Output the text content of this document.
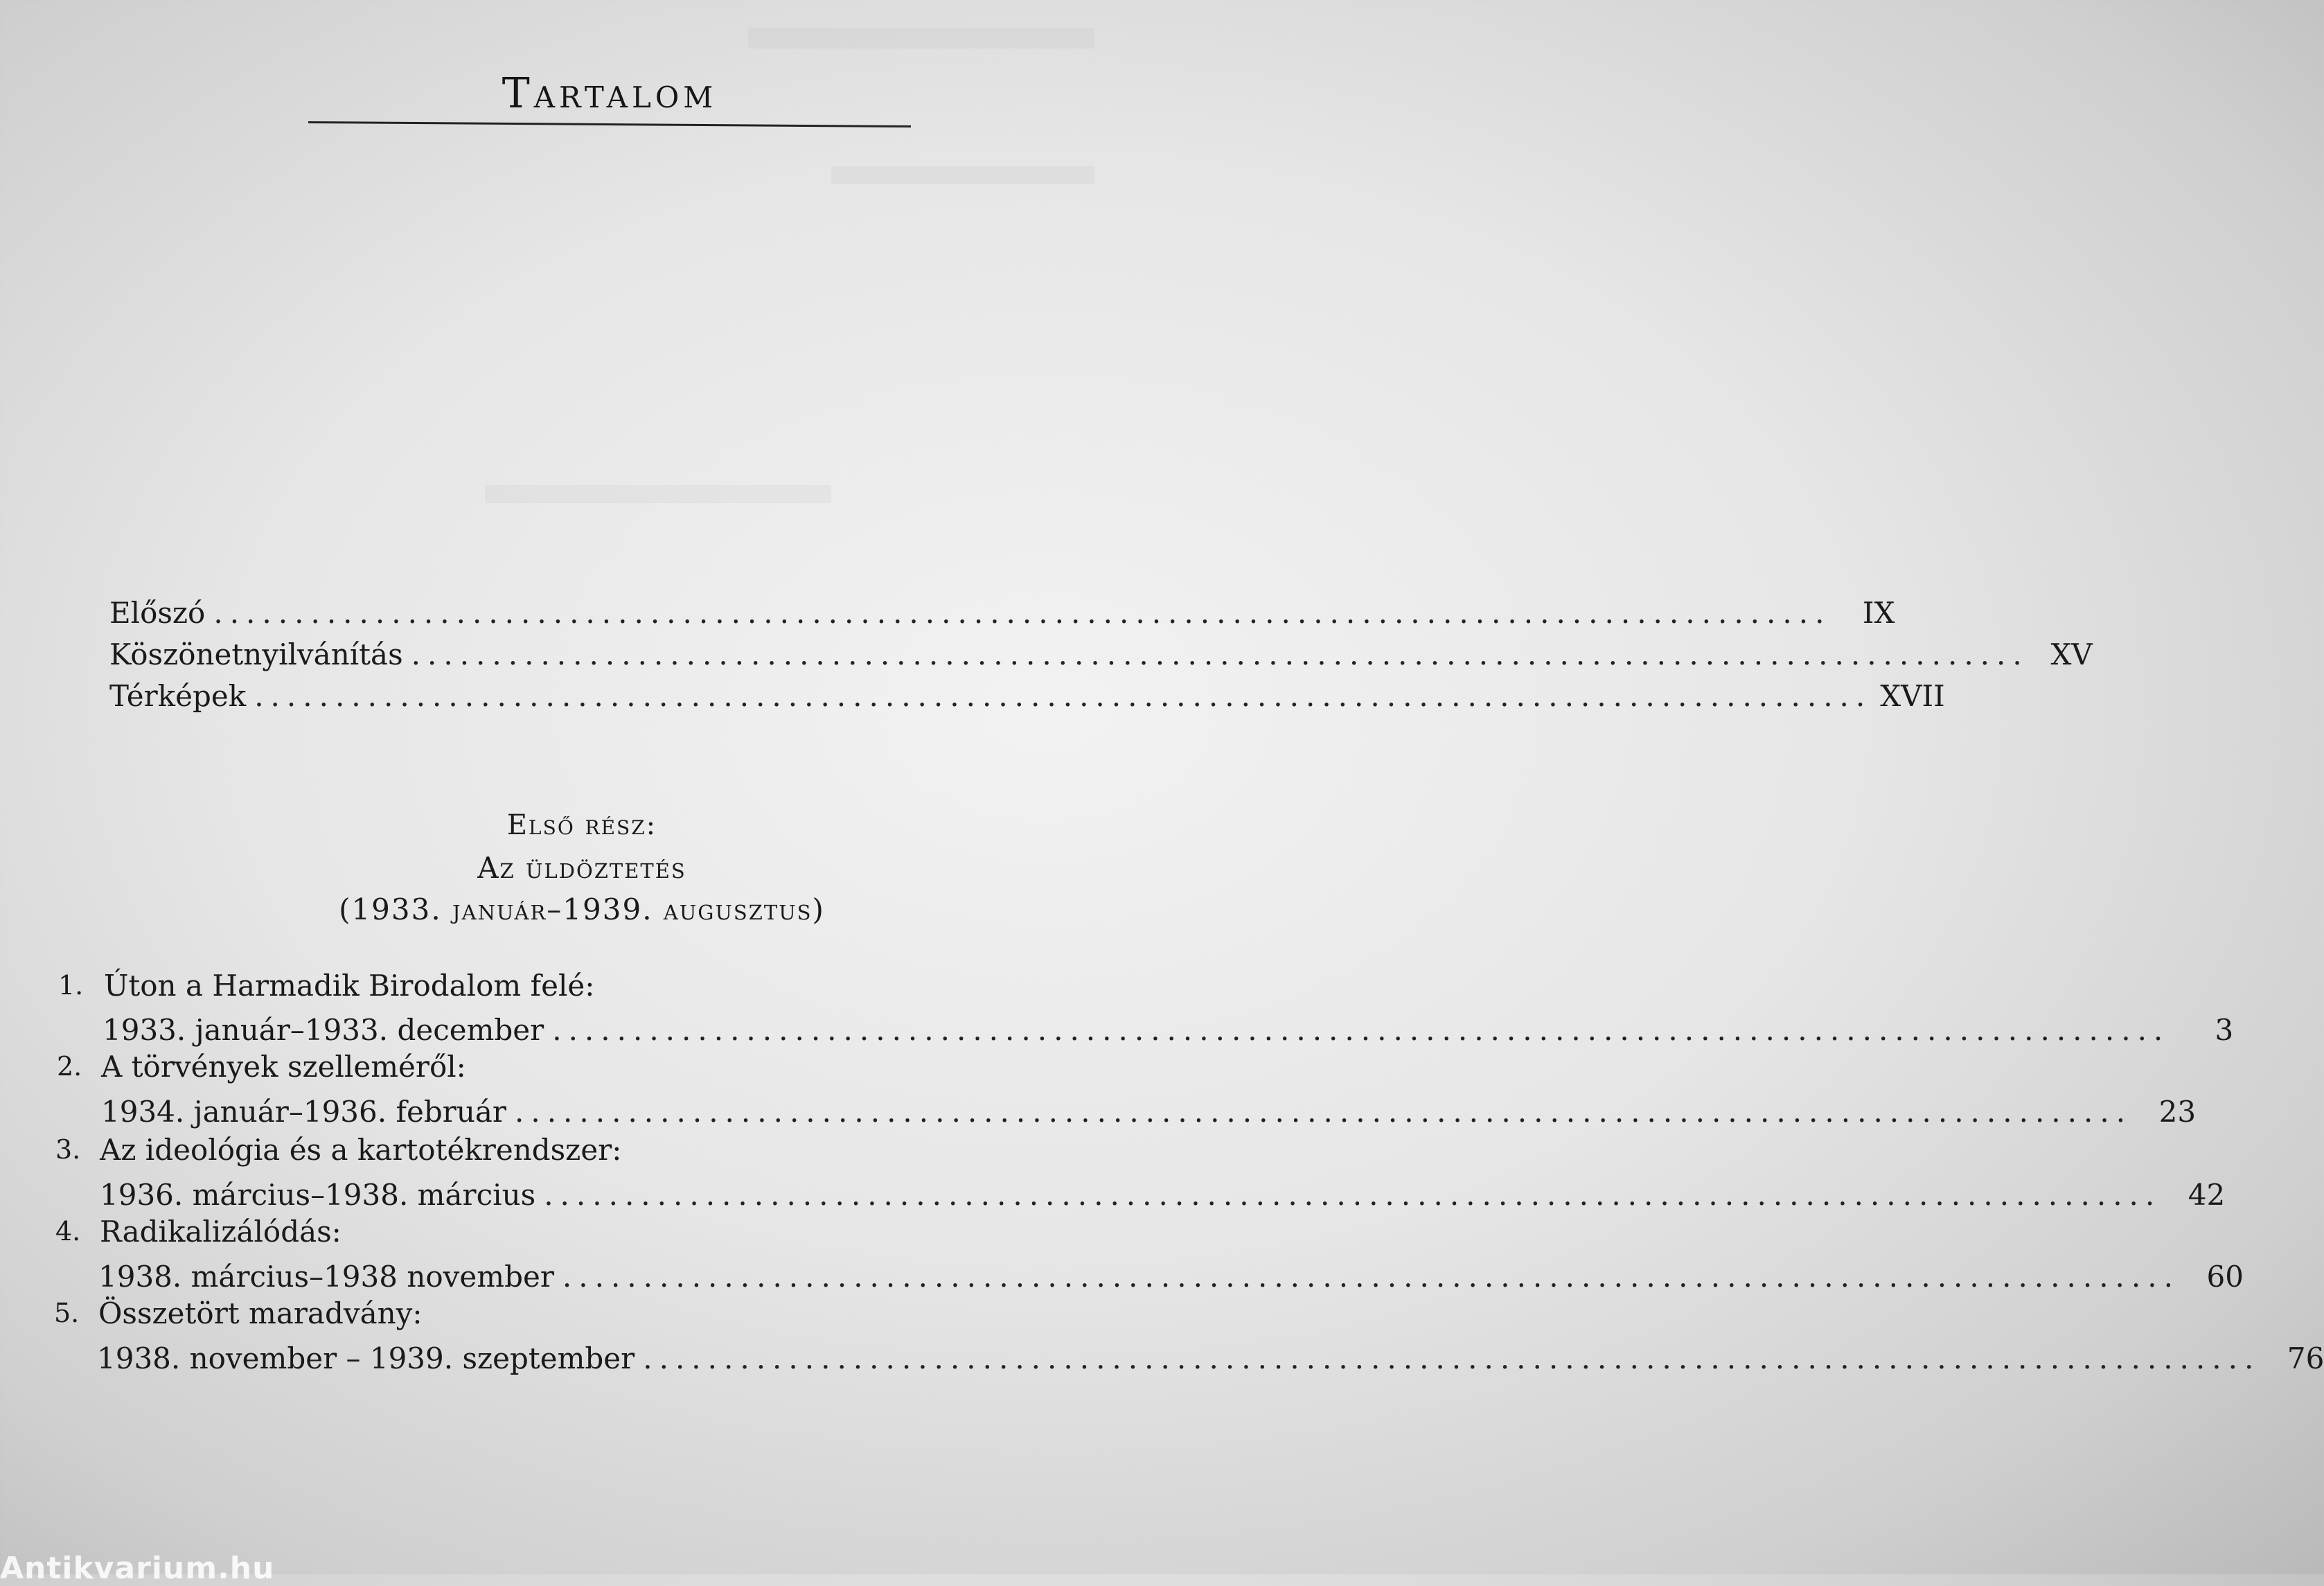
Tartalom
Előszó ....................................................................................................	IX
Köszönetnyilvánítás .................................................................................................... XV
Térképek .................................................................................................... XVII
Első rész:
Az üldöztetés
(1933. január–1939. augusztus)
1. Úton a Harmadik Birodalom felé:
1933. január–1933. december ....................................................................................................	3
2. A törvények szelleméről:
1934. január–1936. február .................................................................................................... 23
3. Az ideológia és a kartotékrendszer:
1936. március–1938. március .................................................................................................... 42
4. Radikalizálódás:
1938. március–1938 november .................................................................................................... 60
5. Összetört maradvány:
1938. november – 1939. szeptember .................................................................................................... 76
Antikvarium.hu
